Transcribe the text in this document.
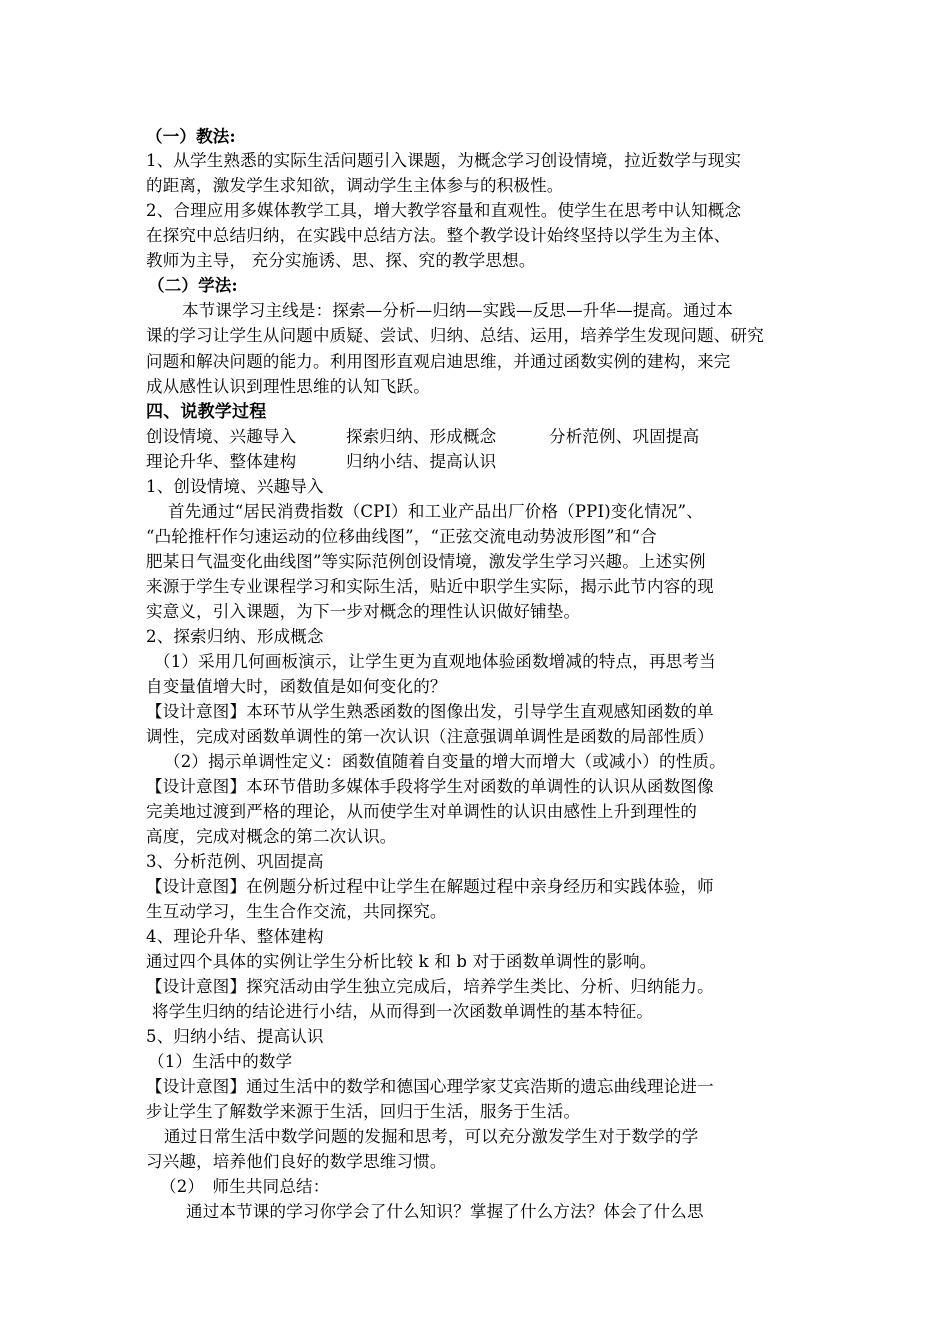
（一）教法:
1、从学生熟悉的实际生活问题引入课题，为概念学习创设情境，拉近数学与现实
的距离，激发学生求知欲，调动学生主体参与的积极性。
2、合理应用多媒体教学工具，增大教学容量和直观性。使学生在思考中认知概念
在探究中总结归纳，在实践中总结方法。整个教学设计始终坚持以学生为主体、
教师为主导， 充分实施诱、思、探、究的教学思想。
（二）学法:
本节课学习主线是：探索—分析—归纳—实践—反思—升华—提高。通过本
课的学习让学生从问题中质疑、尝试、归纳、总结、运用，培养学生发现问题、研究
问题和解决问题的能力。利用图形直观启迪思维，并通过函数实例的建构，来完
成从感性认识到理性思维的认知飞跃。
四、说教学过程
创设情境、兴趣导入	探索归纳、形成概念	分析范例、巩固提高
理论升华、整体建构	归纳小结、提高认识
1、创设情境、兴趣导入
首先通过“居民消费指数（CPI）和工业产品出厂价格（PPI)变化情况”、
“凸轮推杆作匀速运动的位移曲线图”，“正弦交流电动势波形图”和“合
肥某日气温变化曲线图”等实际范例创设情境，激发学生学习兴趣。上述实例
来源于学生专业课程学习和实际生活，贴近中职学生实际，揭示此节内容的现
实意义，引入课题，为下一步对概念的理性认识做好铺垫。
2、探索归纳、形成概念
（1）采用几何画板演示，让学生更为直观地体验函数增减的特点，再思考当
自变量值增大时，函数值是如何变化的？
【设计意图】本环节从学生熟悉函数的图像出发，引导学生直观感知函数的单
调性，完成对函数单调性的第一次认识（注意强调单调性是函数的局部性质）
（2）揭示单调性定义：函数值随着自变量的增大而增大（或减小）的性质。
【设计意图】本环节借助多媒体手段将学生对函数的单调性的认识从函数图像
完美地过渡到严格的理论，从而使学生对单调性的认识由感性上升到理性的
高度，完成对概念的第二次认识。
3、分析范例、巩固提高
【设计意图】在例题分析过程中让学生在解题过程中亲身经历和实践体验，师
生互动学习，生生合作交流，共同探究。
4、理论升华、整体建构
通过四个具体的实例让学生分析比较 k 和 b 对于函数单调性的影响。
【设计意图】探究活动由学生独立完成后，培养学生类比、分析、归纳能力。
将学生归纳的结论进行小结，从而得到一次函数单调性的基本特征。
5、归纳小结、提高认识
（1）生活中的数学
【设计意图】通过生活中的数学和德国心理学家艾宾浩斯的遗忘曲线理论进一
步让学生了解数学来源于生活，回归于生活，服务于生活。
通过日常生活中数学问题的发掘和思考，可以充分激发学生对于数学的学
习兴趣，培养他们良好的数学思维习惯。
（2）　师生共同总结：
通过本节课的学习你学会了什么知识？掌握了什么方法？体会了什么思
